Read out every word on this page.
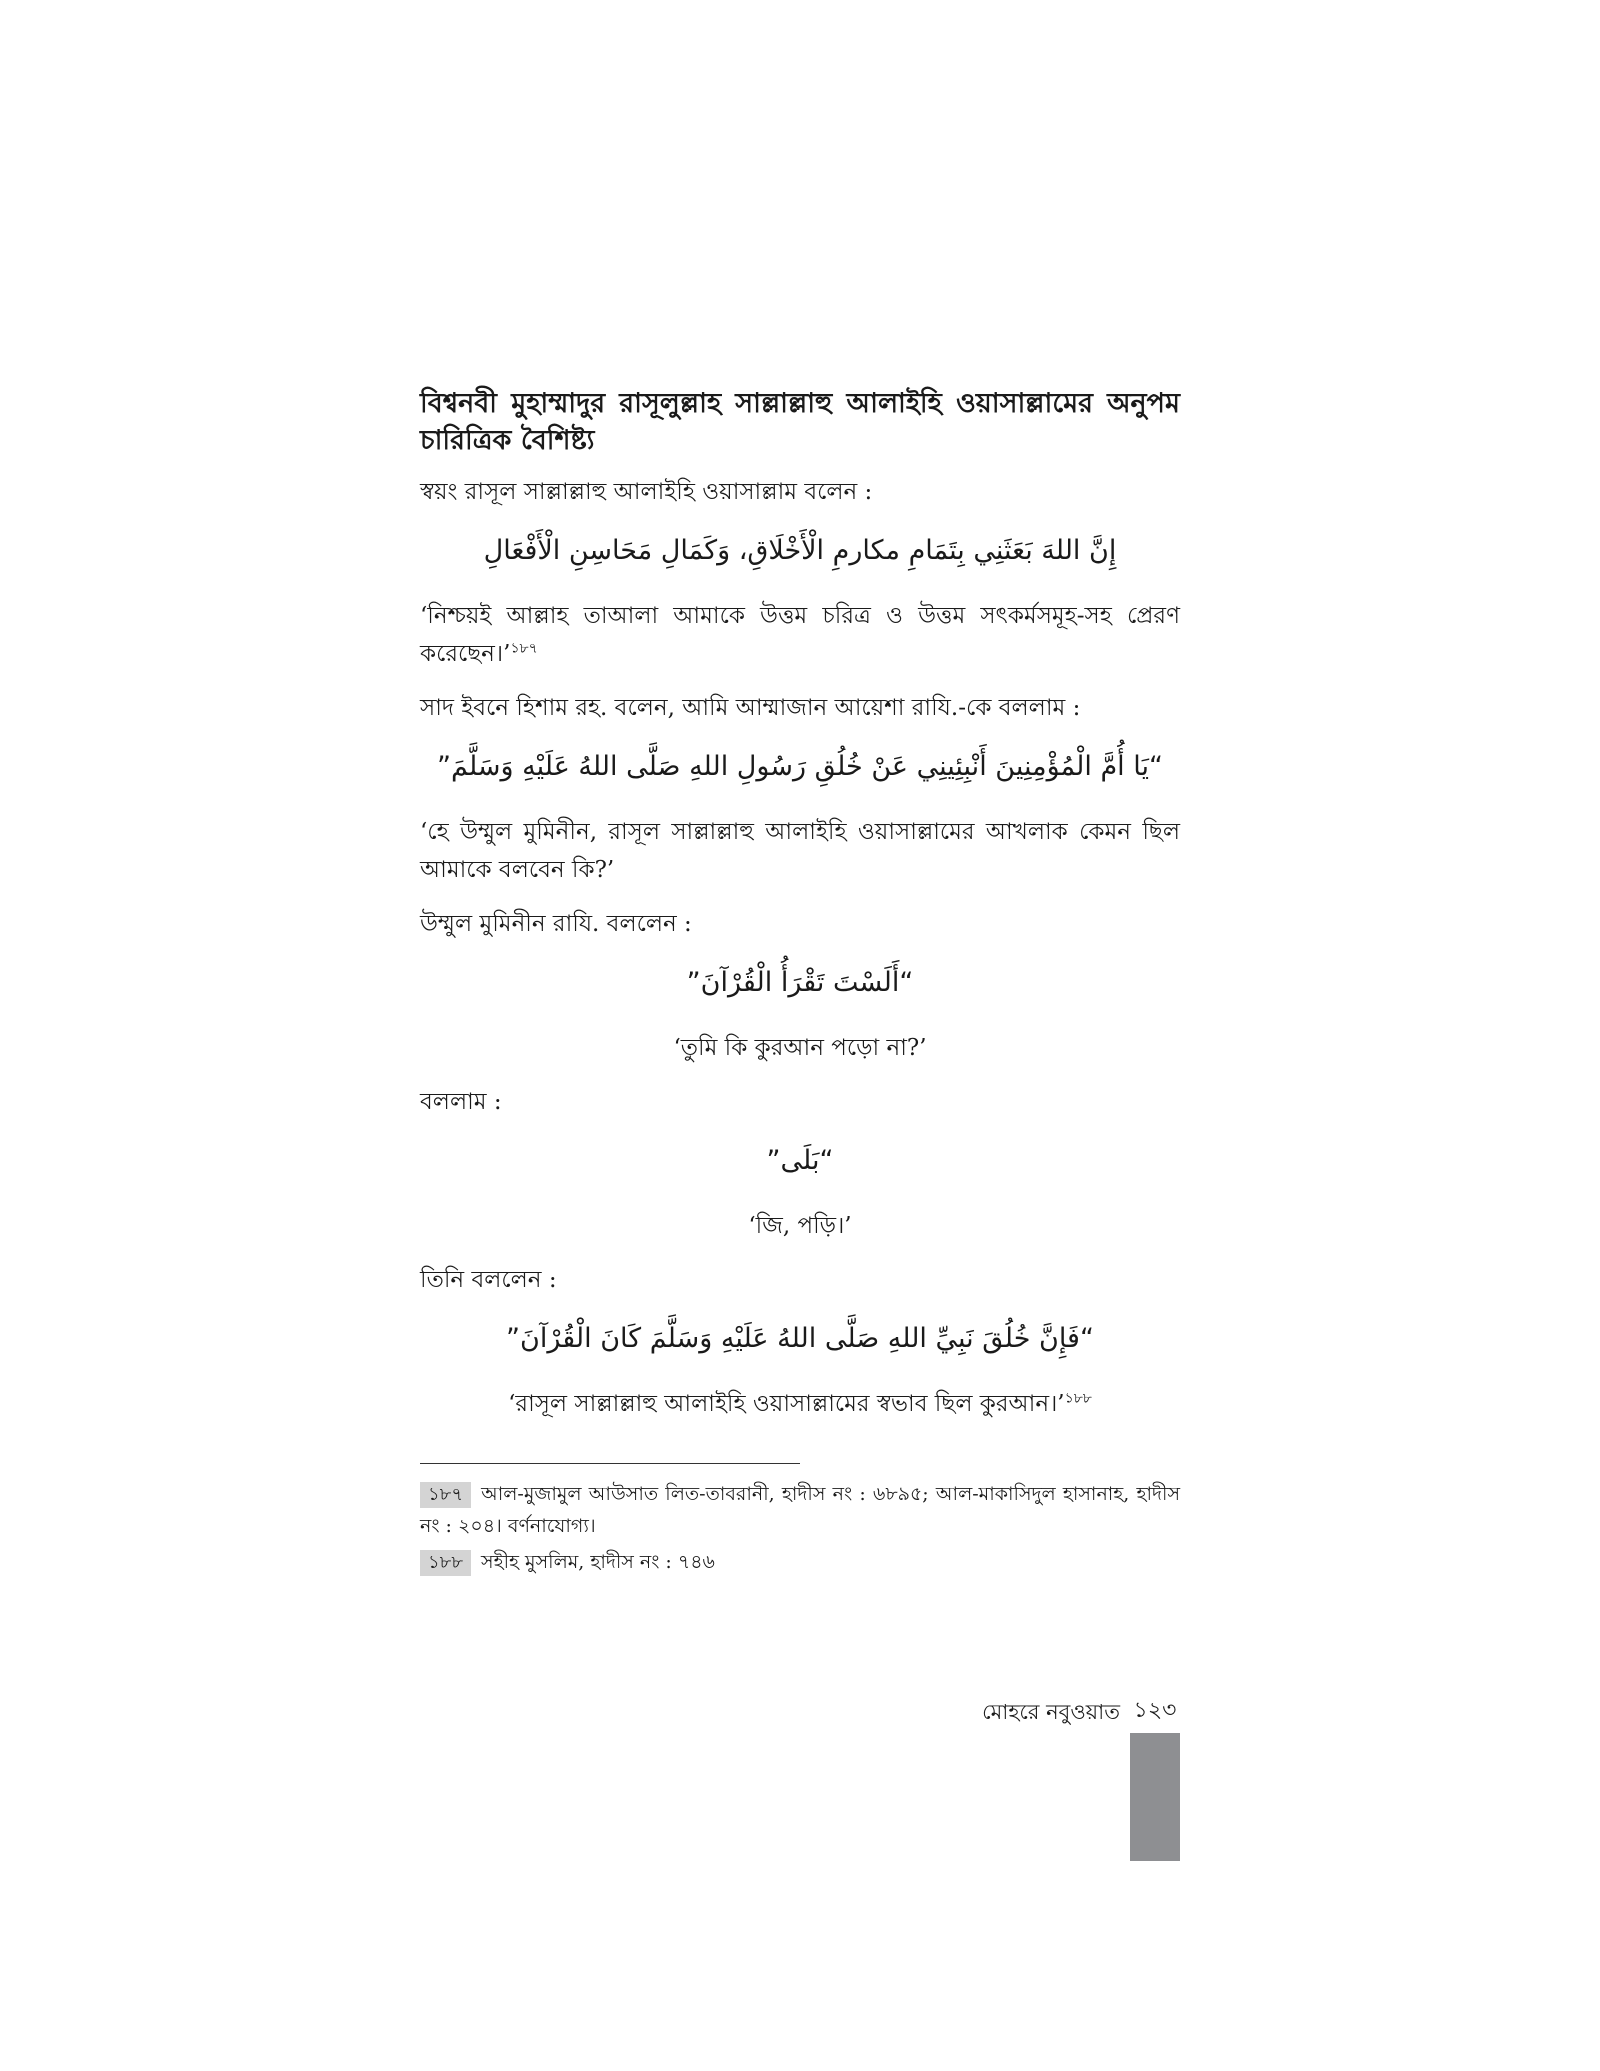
বিশ্বনবী মুহাম্মাদুর রাসূলুল্লাহ সাল্লাল্লাহু আলাইহি ওয়াসাল্লামের অনুপম চারিত্রিক বৈশিষ্ট্য

স্বয়ং রাসূল সাল্লাল্লাহু আলাইহি ওয়াসাল্লাম বলেন :

إِنَّ اللهَ بَعَثَنِي بِتَمَامِ مكارمِ الْأَخْلَاقِ، وَكَمَالِ مَحَاسِنِ الْأَفْعَالِ

‘নিশ্চয়ই আল্লাহ তাআলা আমাকে উত্তম চরিত্র ও উত্তম সৎকর্মসমূহ-সহ প্রেরণ করেছেন।’$^{১৮৭}$

সাদ ইবনে হিশাম রহ. বলেন, আমি আম্মাজান আয়েশা রাযি.-কে বললাম :

“يَا أُمَّ الْمُؤْمِنِينَ أَنْبِئِينِي عَنْ خُلُقِ رَسُولِ اللهِ صَلَّى اللهُ عَلَيْهِ وَسَلَّمَ”

‘হে উম্মুল মুমিনীন, রাসূল সাল্লাল্লাহু আলাইহি ওয়াসাল্লামের আখলাক কেমন ছিল আমাকে বলবেন কি?’

উম্মুল মুমিনীন রাযি. বললেন :

“أَلَسْتَ تَقْرَأُ الْقُرْآنَ”

‘তুমি কি কুরআন পড়ো না?’

বললাম :

“بَلَى”

‘জি, পড়ি।’

তিনি বললেন :

“فَإِنَّ خُلُقَ نَبِيِّ اللهِ صَلَّى اللهُ عَلَيْهِ وَسَلَّمَ كَانَ الْقُرْآنَ”

‘রাসূল সাল্লাল্লাহু আলাইহি ওয়াসাল্লামের স্বভাব ছিল কুরআন।’$^{১৮৮}$

১৮৭ আল-মুজামুল আউসাত লিত-তাবরানী, হাদীস নং : ৬৮৯৫; আল-মাকাসিদুল হাসানাহ, হাদীস নং : ২০৪। বর্ণনাযোগ্য।

১৮৮ সহীহ মুসলিম, হাদীস নং : ৭৪৬

মোহরে নবুওয়াত ১২৩
